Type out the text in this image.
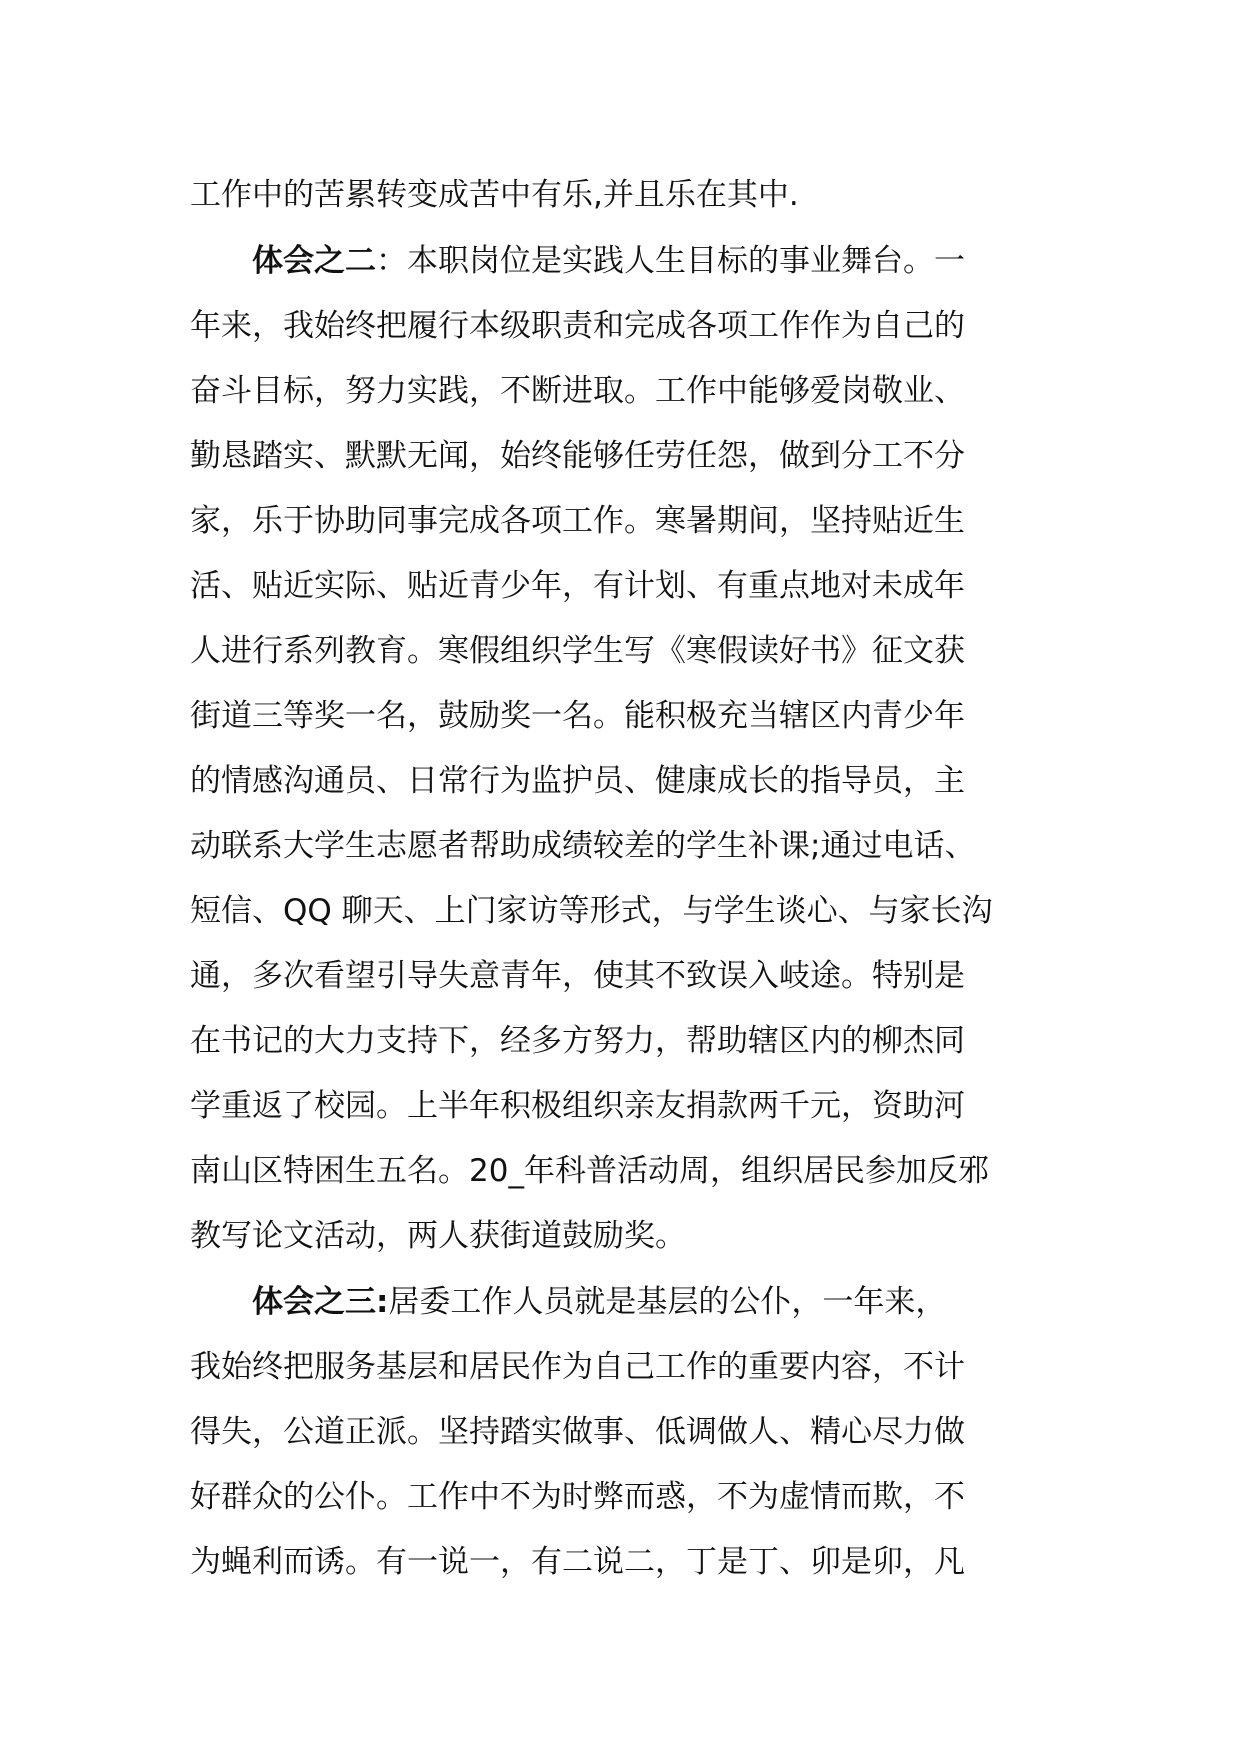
工作中的苦累转变成苦中有乐,并且乐在其中.
体会之二：本职岗位是实践人生目标的事业舞台。一
年来，我始终把履行本级职责和完成各项工作作为自己的
奋斗目标，努力实践，不断进取。工作中能够爱岗敬业、
勤恳踏实、默默无闻，始终能够任劳任怨，做到分工不分
家，乐于协助同事完成各项工作。寒暑期间，坚持贴近生
活、贴近实际、贴近青少年，有计划、有重点地对未成年
人进行系列教育。寒假组织学生写《寒假读好书》征文获
街道三等奖一名，鼓励奖一名。能积极充当辖区内青少年
的情感沟通员、日常行为监护员、健康成长的指导员，主
动联系大学生志愿者帮助成绩较差的学生补课;通过电话、
短信、QQ 聊天、上门家访等形式，与学生谈心、与家长沟
通，多次看望引导失意青年，使其不致误入岐途。特别是
在书记的大力支持下，经多方努力，帮助辖区内的柳杰同
学重返了校园。上半年积极组织亲友捐款两千元，资助河
南山区特困生五名。20_年科普活动周，组织居民参加反邪
教写论文活动，两人获街道鼓励奖。
体会之三:居委工作人员就是基层的公仆，一年来，
我始终把服务基层和居民作为自己工作的重要内容，不计
得失，公道正派。坚持踏实做事、低调做人、精心尽力做
好群众的公仆。工作中不为时弊而惑，不为虚情而欺，不
为蝇利而诱。有一说一，有二说二，丁是丁、卯是卯，凡
